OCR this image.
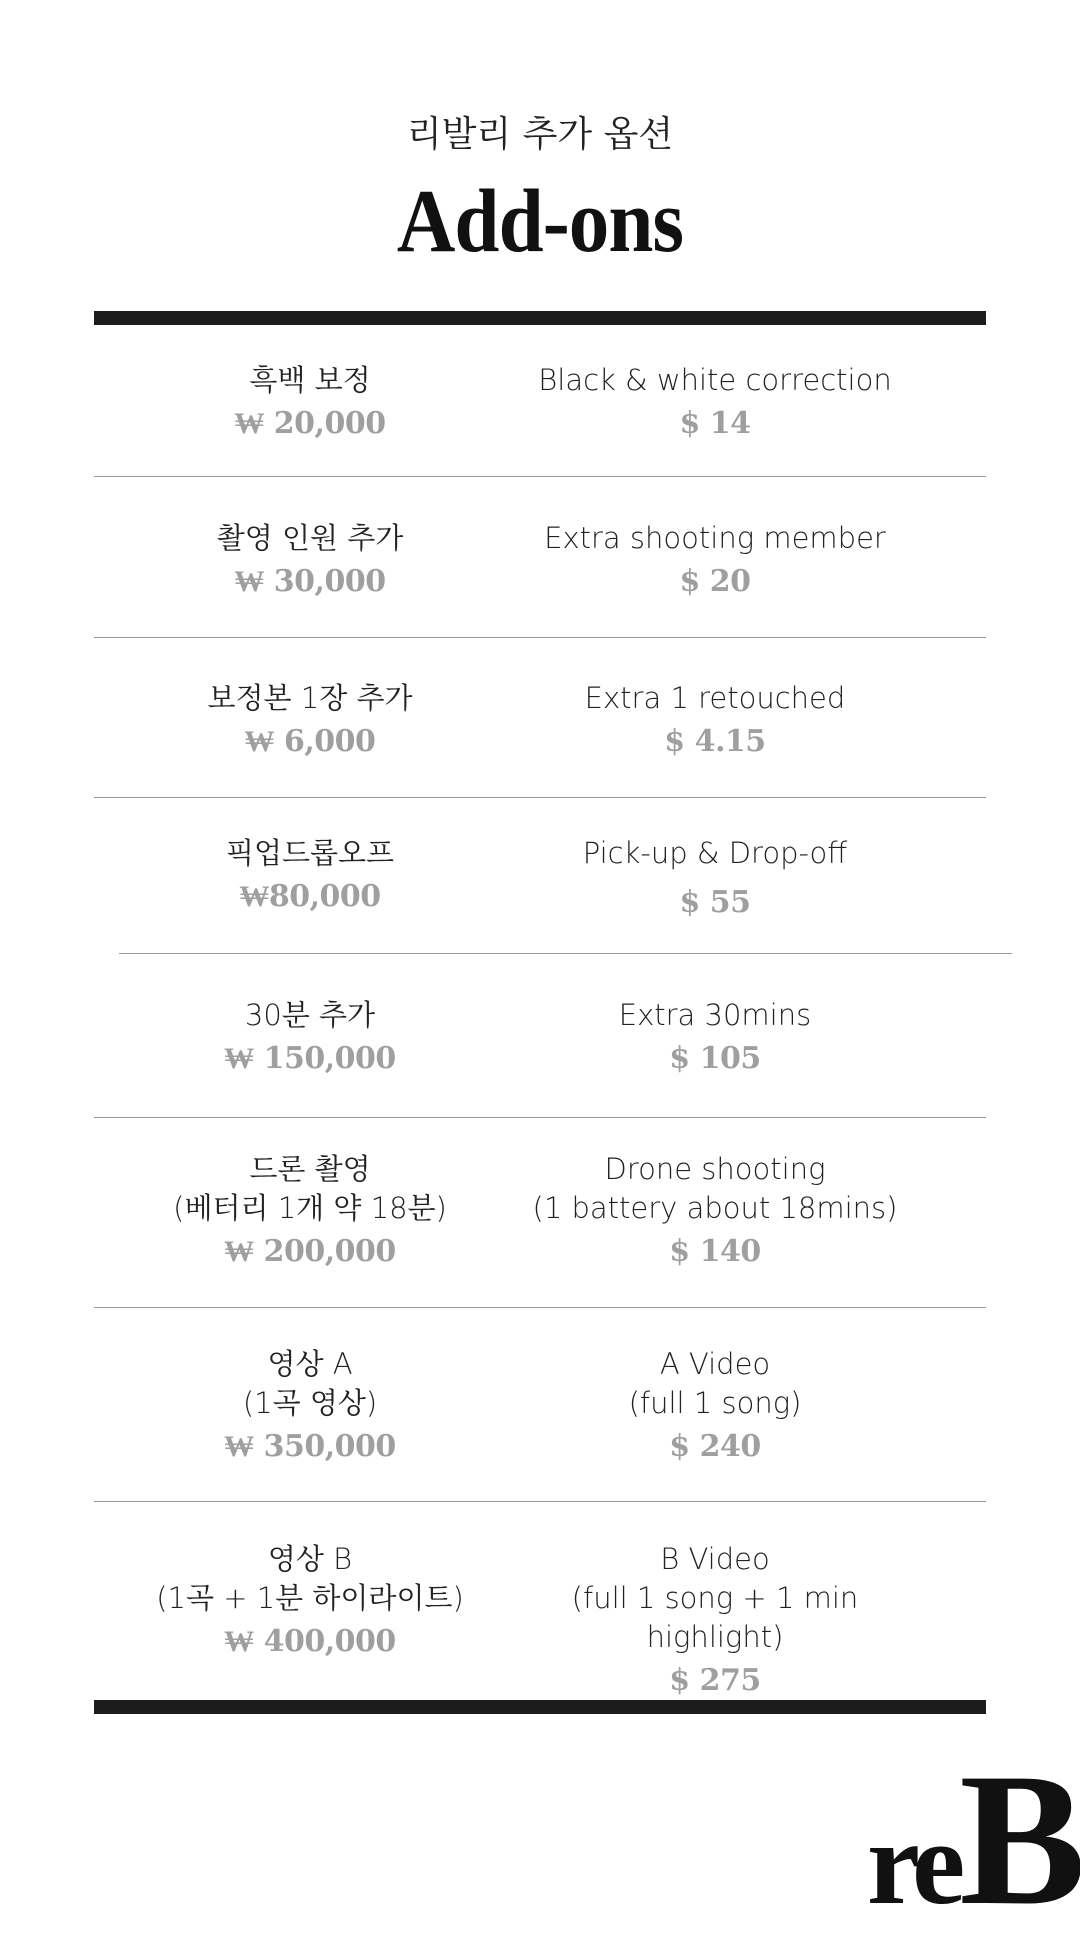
리발리 추가 옵션
Add-ons
흑백 보정
₩ 20,000
Black & white correction
$ 14
촬영 인원 추가
₩ 30,000
Extra shooting member
$ 20
보정본 1장 추가
₩ 6,000
Extra 1 retouched
$ 4.15
픽업드롭오프
₩80,000
Pick-up & Drop-off
$ 55
30분 추가
₩ 150,000
Extra 30mins
$ 105
드론 촬영
(베터리 1개 약 18분)
₩ 200,000
Drone shooting
(1 battery about 18mins)
$ 140
영상 A
(1곡 영상)
₩ 350,000
A Video
(full 1 song)
$ 240
영상 B
(1곡 + 1분 하이라이트)
₩ 400,000
B Video
(full 1 song + 1 min highlight)
$ 275
reB
